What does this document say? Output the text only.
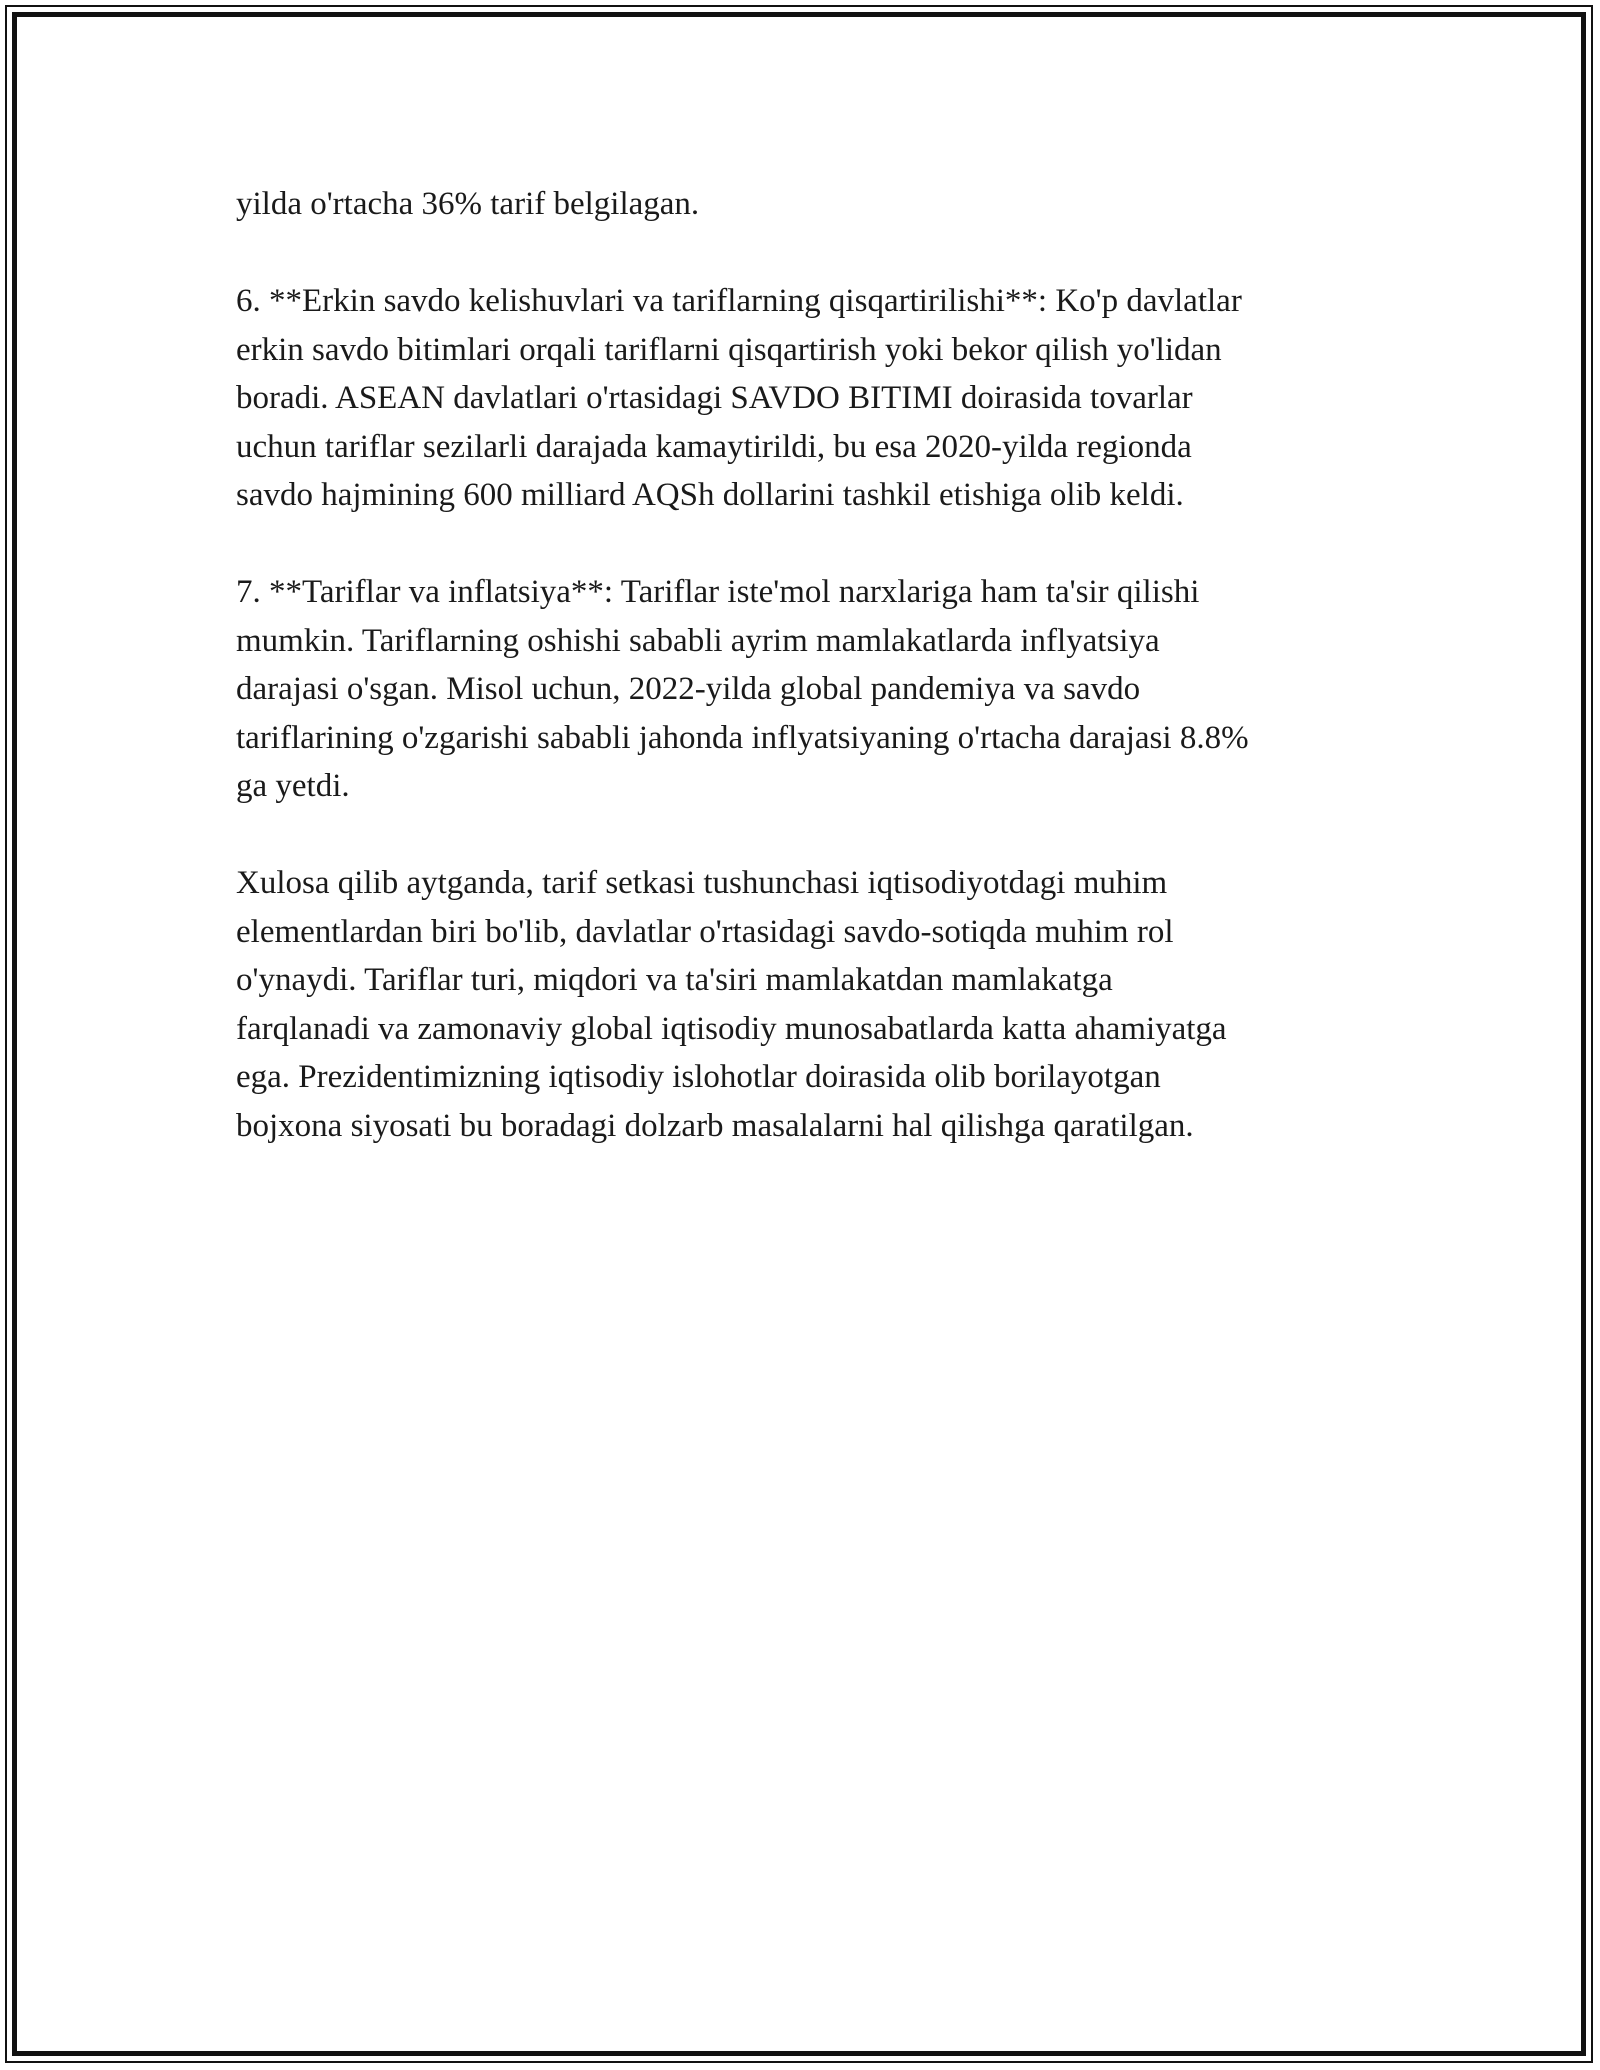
yilda o'rtacha 36% tarif belgilagan.

6. **Erkin savdo kelishuvlari va tariflarning qisqartirilishi**: Ko'p davlatlar
erkin savdo bitimlari orqali tariflarni qisqartirish yoki bekor qilish yo'lidan
boradi. ASEAN davlatlari o'rtasidagi SAVDO BITIMI doirasida tovarlar
uchun tariflar sezilarli darajada kamaytirildi, bu esa 2020-yilda regionda
savdo hajmining 600 milliard AQSh dollarini tashkil etishiga olib keldi.

7. **Tariflar va inflatsiya**: Tariflar iste'mol narxlariga ham ta'sir qilishi
mumkin. Tariflarning oshishi sababli ayrim mamlakatlarda inflyatsiya
darajasi o'sgan. Misol uchun, 2022-yilda global pandemiya va savdo
tariflarining o'zgarishi sababli jahonda inflyatsiyaning o'rtacha darajasi 8.8%
ga yetdi.

Xulosa qilib aytganda, tarif setkasi tushunchasi iqtisodiyotdagi muhim
elementlardan biri bo'lib, davlatlar o'rtasidagi savdo-sotiqda muhim rol
o'ynaydi. Tariflar turi, miqdori va ta'siri mamlakatdan mamlakatga
farqlanadi va zamonaviy global iqtisodiy munosabatlarda katta ahamiyatga
ega. Prezidentimizning iqtisodiy islohotlar doirasida olib borilayotgan
bojxona siyosati bu boradagi dolzarb masalalarni hal qilishga qaratilgan.
